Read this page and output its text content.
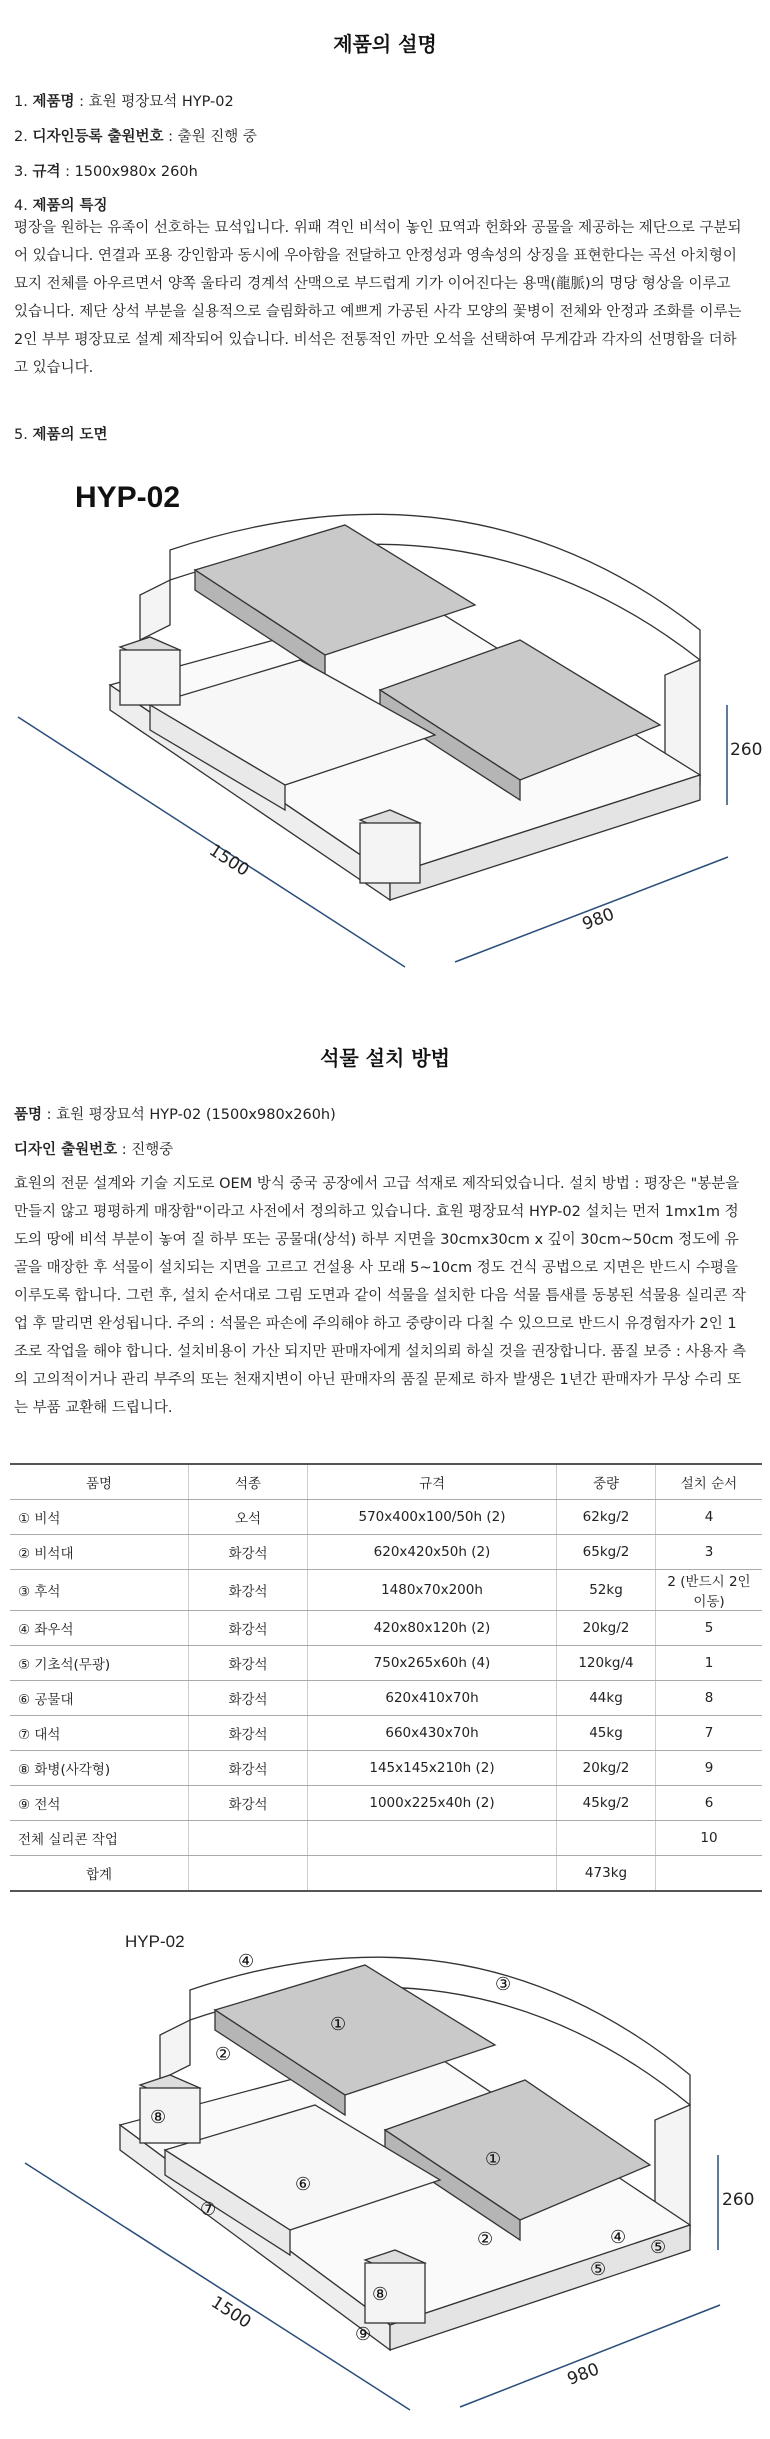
제품의 설명
1. 제품명 : 효원 평장묘석 HYP-02
2. 디자인등록 출원번호 : 출원 진행 중
3. 규격 : 1500x980x 260h
4. 제품의 특징
평장을 원하는 유족이 선호하는 묘석입니다. 위패 격인 비석이 놓인 묘역과 헌화와 공물을 제공하는 제단으로 구분되어 있습니다. 연결과 포용 강인함과 동시에 우아함을 전달하고 안정성과 영속성의 상징을 표현한다는 곡선 아치형이 묘지 전체를 아우르면서 양쪽 울타리 경계석 산맥으로 부드럽게 기가 이어진다는 용맥(龍脈)의 명당 형상을 이루고 있습니다. 제단 상석 부분을 실용적으로 슬림화하고 예쁘게 가공된 사각 모양의 꽃병이 전체와 안정과 조화를 이루는 2인 부부 평장묘로 설계 제작되어 있습니다. 비석은 전통적인 까만 오석을 선택하여 무게감과 각자의 선명함을 더하고 있습니다.
5. 제품의 도면
HYP-02
1500
980
260
석물 설치 방법
품명 : 효원 평장묘석 HYP-02 (1500x980x260h)
디자인 출원번호 : 진행중
효원의 전문 설계와 기술 지도로 OEM 방식 중국 공장에서 고급 석재로 제작되었습니다. 설치 방법 : 평장은 "봉분을 만들지 않고 평평하게 매장함"이라고 사전에서 정의하고 있습니다. 효원 평장묘석 HYP-02 설치는 먼저 1mx1m 정도의 땅에 비석 부분이 놓여 질 하부 또는 공물대(상석) 하부 지면을 30cmx30cm x 깊이 30cm~50cm 정도에 유골을 매장한 후 석물이 설치되는 지면을 고르고 건설용 사 모래 5~10cm 정도 건식 공법으로 지면은 반드시 수평을 이루도록 합니다. 그런 후, 설치 순서대로 그림 도면과 같이 석물을 설치한 다음 석물 틈새를 동봉된 석물용 실리콘 작업 후 말리면 완성됩니다. 주의 : 석물은 파손에 주의해야 하고 중량이라 다칠 수 있으므로 반드시 유경험자가 2인 1조로 작업을 해야 합니다. 설치비용이 가산 되지만 판매자에게 설치의뢰 하실 것을 권장합니다. 품질 보증 : 사용자 측의 고의적이거나 관리 부주의 또는 천재지변이 아닌 판매자의 품질 문제로 하자 발생은 1년간 판매자가 무상 수리 또는 부품 교환해 드립니다.
품명	석종	규격	중량	설치 순서
① 비석	오석	570x400x100/50h (2)	62kg/2	4
② 비석대	화강석	620x420x50h (2)	65kg/2	3
③ 후석	화강석	1480x70x200h	52kg	2 (반드시 2인 이동)
④ 좌우석	화강석	420x80x120h (2)	20kg/2	5
⑤ 기초석(무광)	화강석	750x265x60h (4)	120kg/4	1
⑥ 공물대	화강석	620x410x70h	44kg	8
⑦ 대석	화강석	660x430x70h	45kg	7
⑧ 화병(사각형)	화강석	145x145x210h (2)	20kg/2	9
⑨ 전석	화강석	1000x225x40h (2)	45kg/2	6
전체 실리콘 작업				10
합계			473kg	
HYP-02
①
①
②
②
③
④
④ ⑤
⑤
⑥
⑦
⑧
⑧
⑨
1500
980
260
